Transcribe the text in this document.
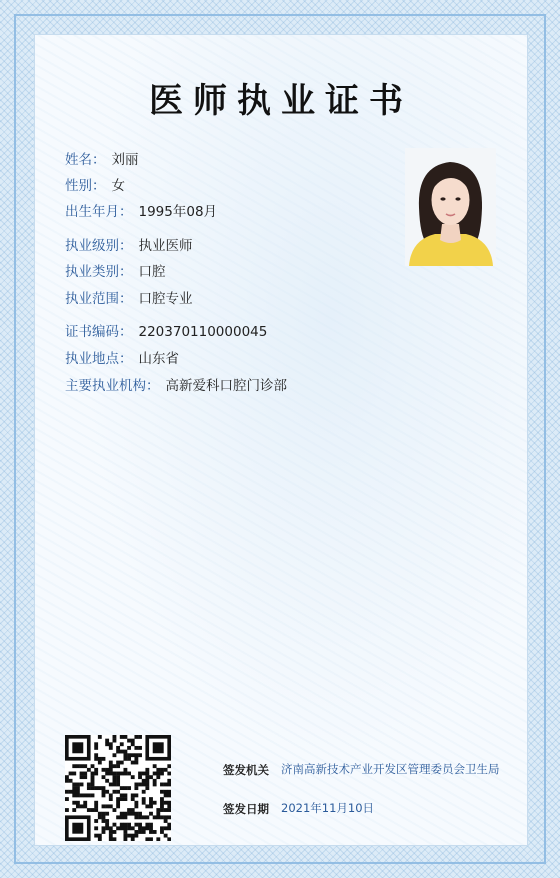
医师执业证书
姓名： 刘丽
性别： 女
出生年月： 1995年08月
执业级别： 执业医师
执业类别： 口腔
执业范围： 口腔专业
证书编码： 220370110000045
执业地点： 山东省
主要执业机构： 高新爱科口腔门诊部
签发机关 济南高新技术产业开发区管理委员会卫生局
签发日期 2021年11月10日
